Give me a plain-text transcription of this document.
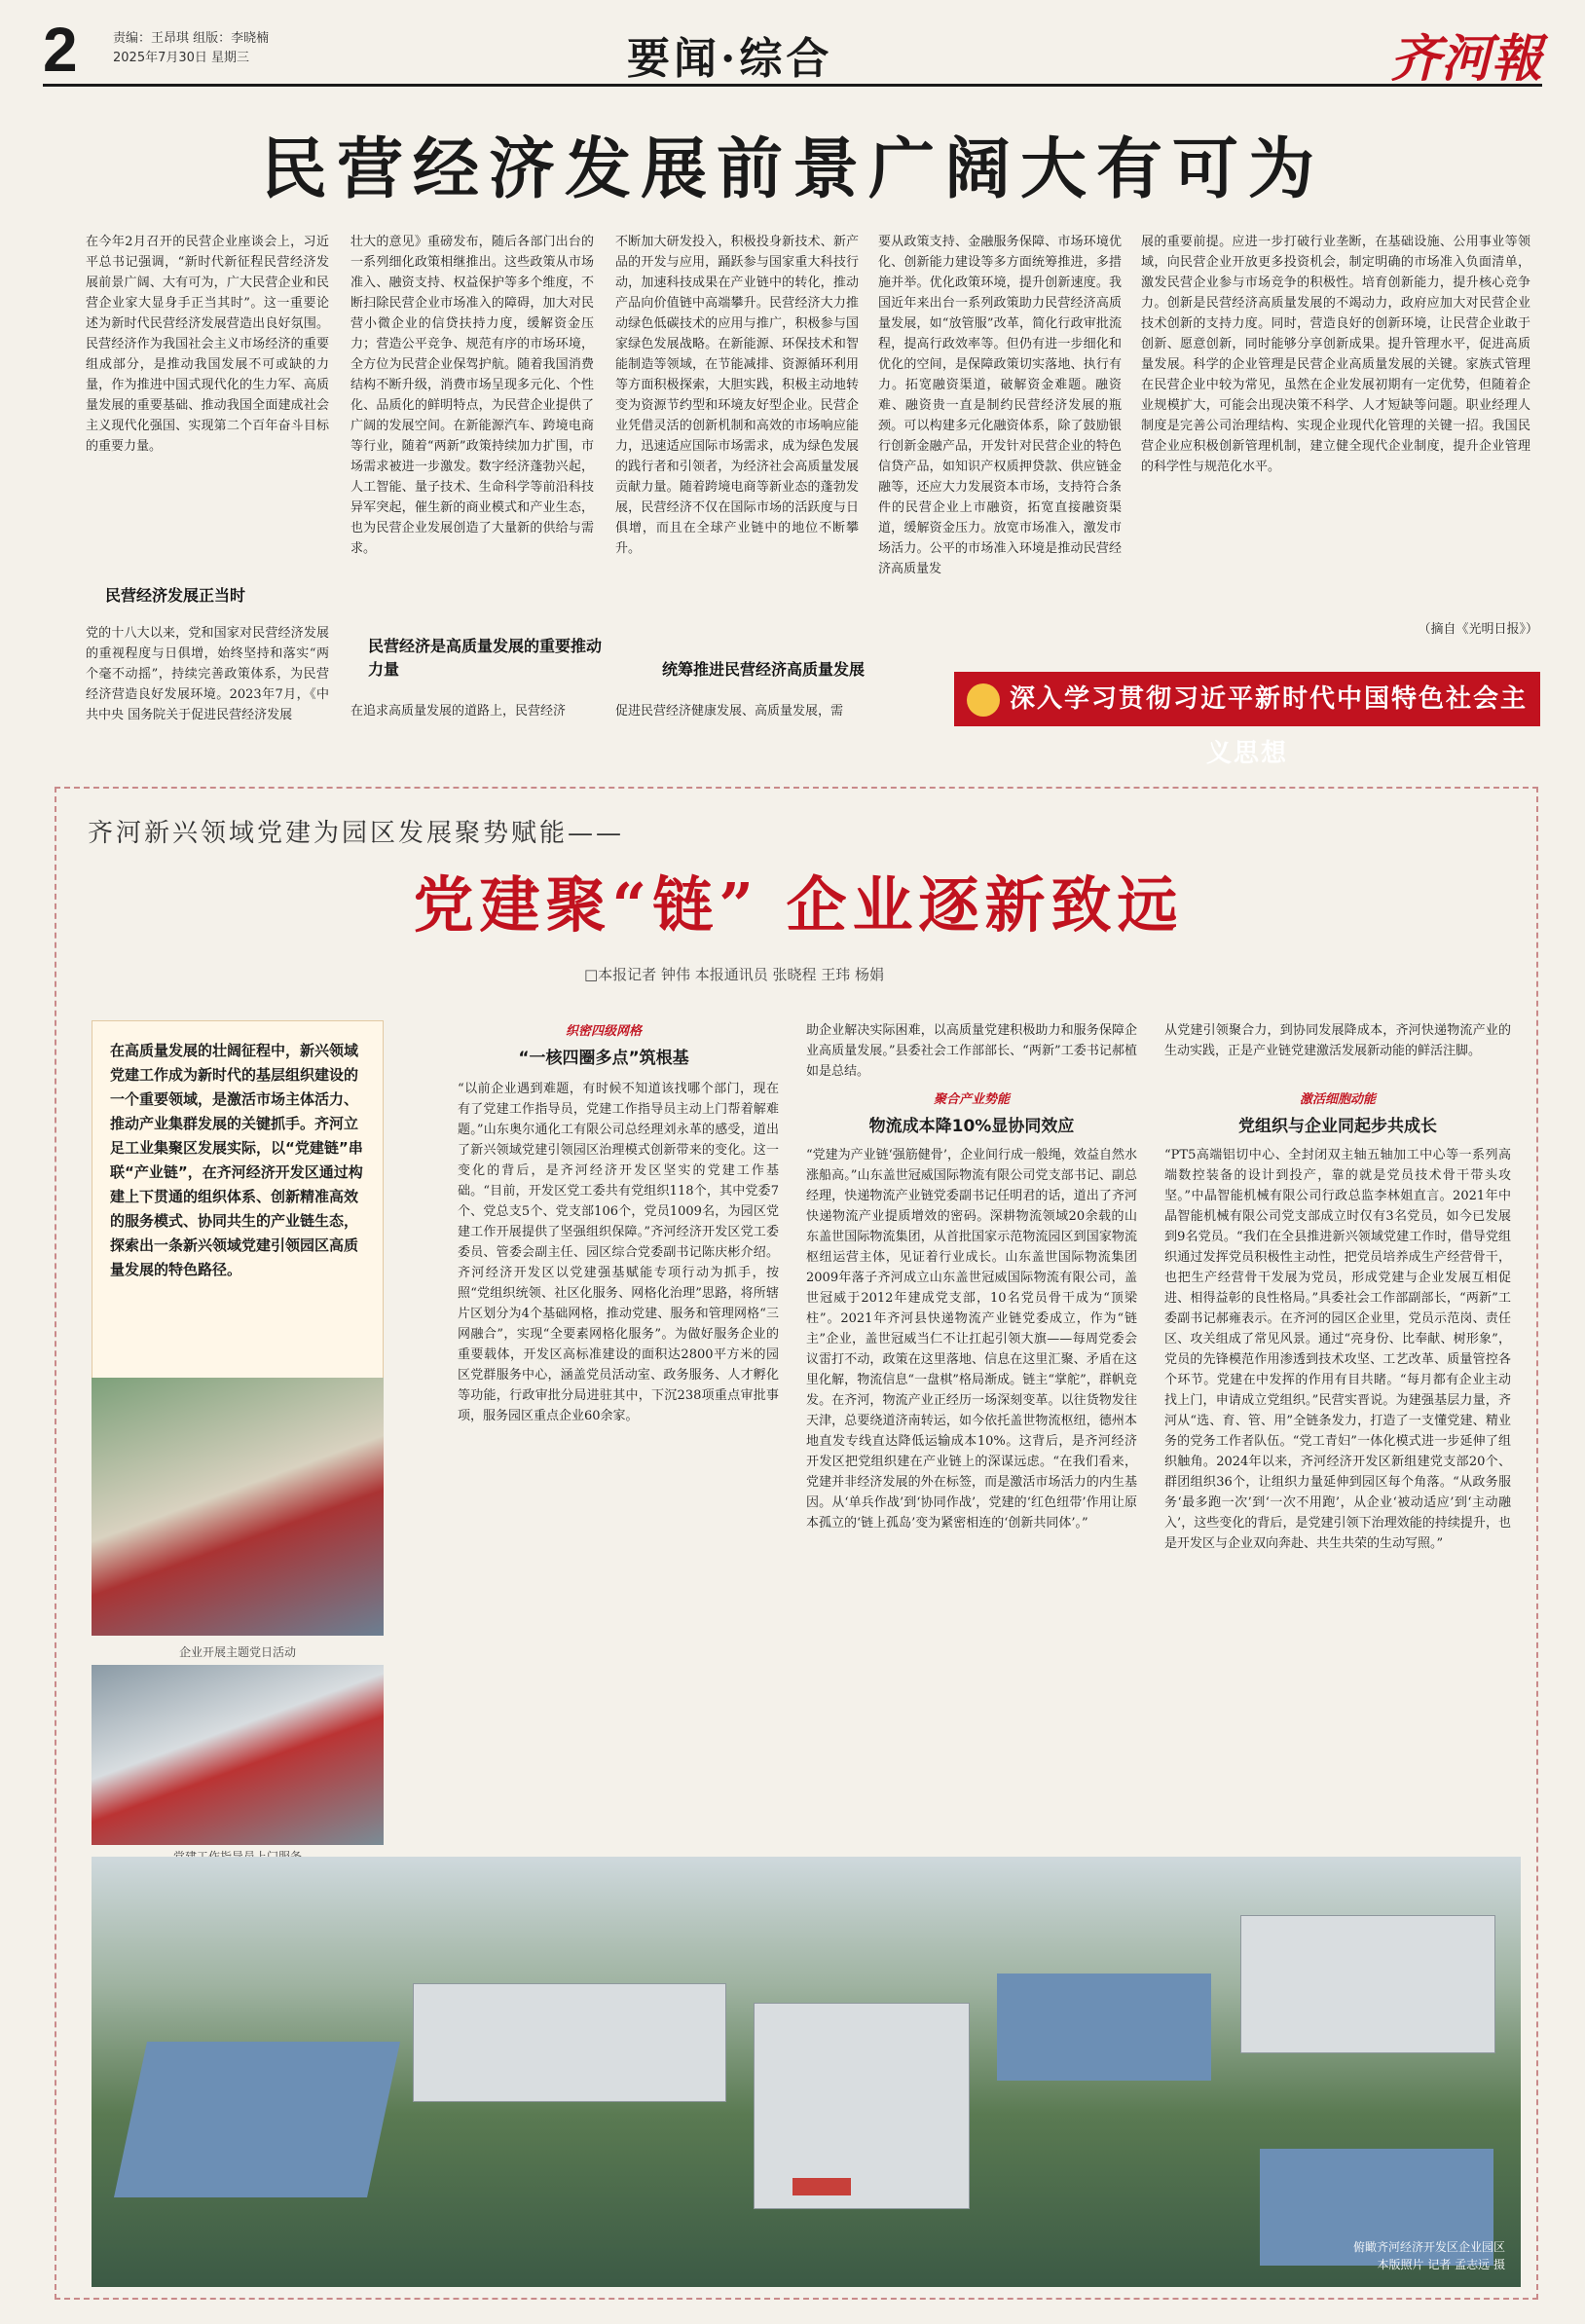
2	责编：王昂琪 组版：李晓楠
2025年7月30日 星期三	要闻·综合	齐河報
民营经济发展前景广阔大有可为
在今年2月召开的民营企业座谈会上，习近平总书记强调，“新时代新征程民营经济发展前景广阔、大有可为，广大民营企业和民营企业家大显身手正当其时”。这一重要论述为新时代民营经济发展营造出良好氛围。民营经济作为我国社会主义市场经济的重要组成部分，是推动我国发展不可或缺的力量，作为推进中国式现代化的生力军、高质量发展的重要基础、推动我国全面建成社会主义现代化强国、实现第二个百年奋斗目标的重要力量。
民营经济发展正当时
党的十八大以来，党和国家对民营经济发展的重视程度与日俱增，始终坚持和落实“两个毫不动摇”，持续完善政策体系，为民营经济营造良好发展环境。2023年7月，《中共中央 国务院关于促进民营经济发展
壮大的意见》重磅发布，随后各部门出台的一系列细化政策相继推出。这些政策从市场准入、融资支持、权益保护等多个维度，不断扫除民营企业市场准入的障碍，加大对民营小微企业的信贷扶持力度，缓解资金压力；营造公平竞争、规范有序的市场环境，全方位为民营企业保驾护航。随着我国消费结构不断升级，消费市场呈现多元化、个性化、品质化的鲜明特点，为民营企业提供了广阔的发展空间。在新能源汽车、跨境电商等行业，随着“两新”政策持续加力扩围，市场需求被进一步激发。数字经济蓬勃兴起，人工智能、量子技术、生命科学等前沿科技异军突起，催生新的商业模式和产业生态，也为民营企业发展创造了大量新的供给与需求。
民营经济是高质量发展的重要推动力量
在追求高质量发展的道路上，民营经济
不断加大研发投入，积极投身新技术、新产品的开发与应用，踊跃参与国家重大科技行动，加速科技成果在产业链中的转化，推动产品向价值链中高端攀升。民营经济大力推动绿色低碳技术的应用与推广，积极参与国家绿色发展战略。在新能源、环保技术和智能制造等领域，在节能减排、资源循环利用等方面积极探索，大胆实践，积极主动地转变为资源节约型和环境友好型企业。民营企业凭借灵活的创新机制和高效的市场响应能力，迅速适应国际市场需求，成为绿色发展的践行者和引领者，为经济社会高质量发展贡献力量。随着跨境电商等新业态的蓬勃发展，民营经济不仅在国际市场的活跃度与日俱增，而且在全球产业链中的地位不断攀升。
统筹推进民营经济高质量发展
促进民营经济健康发展、高质量发展，需
要从政策支持、金融服务保障、市场环境优化、创新能力建设等多方面统筹推进，多措施并举。优化政策环境，提升创新速度。我国近年来出台一系列政策助力民营经济高质量发展，如“放管服”改革，简化行政审批流程，提高行政效率等。但仍有进一步细化和优化的空间，是保障政策切实落地、执行有力。拓宽融资渠道，破解资金难题。融资难、融资贵一直是制约民营经济发展的瓶颈。可以构建多元化融资体系，除了鼓励银行创新金融产品，开发针对民营企业的特色信贷产品，如知识产权质押贷款、供应链金融等，还应大力发展资本市场，支持符合条件的民营企业上市融资，拓宽直接融资渠道，缓解资金压力。放宽市场准入，激发市场活力。公平的市场准入环境是推动民营经济高质量发
展的重要前提。应进一步打破行业垄断，在基础设施、公用事业等领域，向民营企业开放更多投资机会，制定明确的市场准入负面清单，激发民营企业参与市场竞争的积极性。培育创新能力，提升核心竞争力。创新是民营经济高质量发展的不竭动力，政府应加大对民营企业技术创新的支持力度。同时，营造良好的创新环境，让民营企业敢于创新、愿意创新，同时能够分享创新成果。提升管理水平，促进高质量发展。科学的企业管理是民营企业高质量发展的关键。家族式管理在民营企业中较为常见，虽然在企业发展初期有一定优势，但随着企业规模扩大，可能会出现决策不科学、人才短缺等问题。职业经理人制度是完善公司治理结构、实现企业现代化管理的关键一招。我国民营企业应积极创新管理机制，建立健全现代企业制度，提升企业管理的科学性与规范化水平。
（摘自《光明日报》）
深入学习贯彻习近平新时代中国特色社会主义思想
齐河新兴领域党建为园区发展聚势赋能——
党建聚“链” 企业逐新致远
□本报记者 钟伟 本报通讯员 张晓程 王玮 杨娟
在高质量发展的壮阔征程中，新兴领域党建工作成为新时代的基层组织建设的一个重要领域，是激活市场主体活力、推动产业集群发展的关键抓手。齐河立足工业集聚区发展实际，以“党建链”串联“产业链”，在齐河经济开发区通过构建上下贯通的组织体系、创新精准高效的服务模式、协同共生的产业链生态，探索出一条新兴领域党建引领园区高质量发展的特色路径。
企业开展主题党日活动
织密四级网格
“一核四圈多点”筑根基
“以前企业遇到难题，有时候不知道该找哪个部门，现在有了党建工作指导员，党建工作指导员主动上门帮着解难题。”山东奥尔通化工有限公司总经理刘永革的感受，道出了新兴领域党建引领园区治理模式创新带来的变化。这一变化的背后，是齐河经济开发区坚实的党建工作基础。“目前，开发区党工委共有党组织118个，其中党委7个、党总支5个、党支部106个，党员1009名，为园区党建工作开展提供了坚强组织保障。”齐河经济开发区党工委委员、管委会副主任、园区综合党委副书记陈庆彬介绍。齐河经济开发区以党建强基赋能专项行动为抓手，按照“党组织统领、社区化服务、网格化治理”思路，将所辖片区划分为4个基础网格，推动党建、服务和管理网格“三网融合”，实现“全要素网格化服务”。为做好服务企业的重要载体，开发区高标准建设的面积达2800平方米的园区党群服务中心，涵盖党员活动室、政务服务、人才孵化等功能，行政审批分局进驻其中，下沉238项重点审批事项，服务园区重点企业60余家。
助企业解决实际困难，以高质量党建积极助力和服务保障企业高质量发展。”县委社会工作部部长、“两新”工委书记郝植如是总结。
聚合产业势能
物流成本降10%显协同效应
“党建为产业链‘强筋健骨’，企业间行成一般绳，效益自然水涨船高。”山东盖世冠威国际物流有限公司党支部书记、副总经理，快递物流产业链党委副书记任明君的话，道出了齐河快递物流产业提质增效的密码。深耕物流领域20余载的山东盖世国际物流集团，从首批国家示范物流园区到国家物流枢纽运营主体，见证着行业成长。山东盖世国际物流集团2009年落子齐河成立山东盖世冠威国际物流有限公司，盖世冠威于2012年建成党支部，10名党员骨干成为“顶梁柱”。2021年齐河县快递物流产业链党委成立，作为“链主”企业，盖世冠威当仁不让扛起引领大旗——每周党委会议雷打不动，政策在这里落地、信息在这里汇聚、矛盾在这里化解，物流信息“一盘棋”格局渐成。链主“掌舵”，群帆竞发。在齐河，物流产业正经历一场深刻变革。以往货物发往天津，总要绕道济南转运，如今依托盖世物流枢纽，德州本地直发专线直达降低运输成本10%。这背后，是齐河经济开发区把党组织建在产业链上的深谋远虑。“在我们看来，党建并非经济发展的外在标签，而是激活市场活力的内生基因。从‘单兵作战’到‘协同作战’，党建的‘红色纽带’作用让原本孤立的‘链上孤岛’变为紧密相连的‘创新共同体’。”
从党建引领聚合力，到协同发展降成本，齐河快递物流产业的生动实践，正是产业链党建激活发展新动能的鲜活注脚。
激活细胞动能
党组织与企业同起步共成长
“PT5高端铝切中心、全封闭双主轴五轴加工中心等一系列高端数控装备的设计到投产，靠的就是党员技术骨干带头攻坚。”中晶智能机械有限公司行政总监李林姐直言。2021年中晶智能机械有限公司党支部成立时仅有3名党员，如今已发展到9名党员。“我们在全县推进新兴领域党建工作时，借导党组织通过发挥党员积极性主动性，把党员培养成生产经营骨干，也把生产经营骨干发展为党员，形成党建与企业发展互相促进、相得益彰的良性格局。”具委社会工作部副部长，“两新”工委副书记郝雍表示。在齐河的园区企业里，党员示范岗、责任区、攻关组成了常见风景。通过“亮身份、比奉献、树形象”，党员的先锋模范作用渗透到技术攻坚、工艺改革、质量管控各个环节。党建在中发挥的作用有目共睹。“每月都有企业主动找上门，申请成立党组织。”民营实晋说。为建强基层力量，齐河从“选、育、管、用”全链条发力，打造了一支懂党建、精业务的党务工作者队伍。“党工青妇”一体化模式进一步延伸了组织触角。2024年以来，齐河经济开发区新组建党支部20个、群团组织36个，让组织力量延伸到园区每个角落。“从政务服务‘最多跑一次’到‘一次不用跑’，从企业‘被动适应’到‘主动融入’，这些变化的背后，是党建引领下治理效能的持续提升，也是开发区与企业双向奔赴、共生共荣的生动写照。”
俯瞰齐河经济开发区企业园区
本版照片 记者 孟志远 摄
